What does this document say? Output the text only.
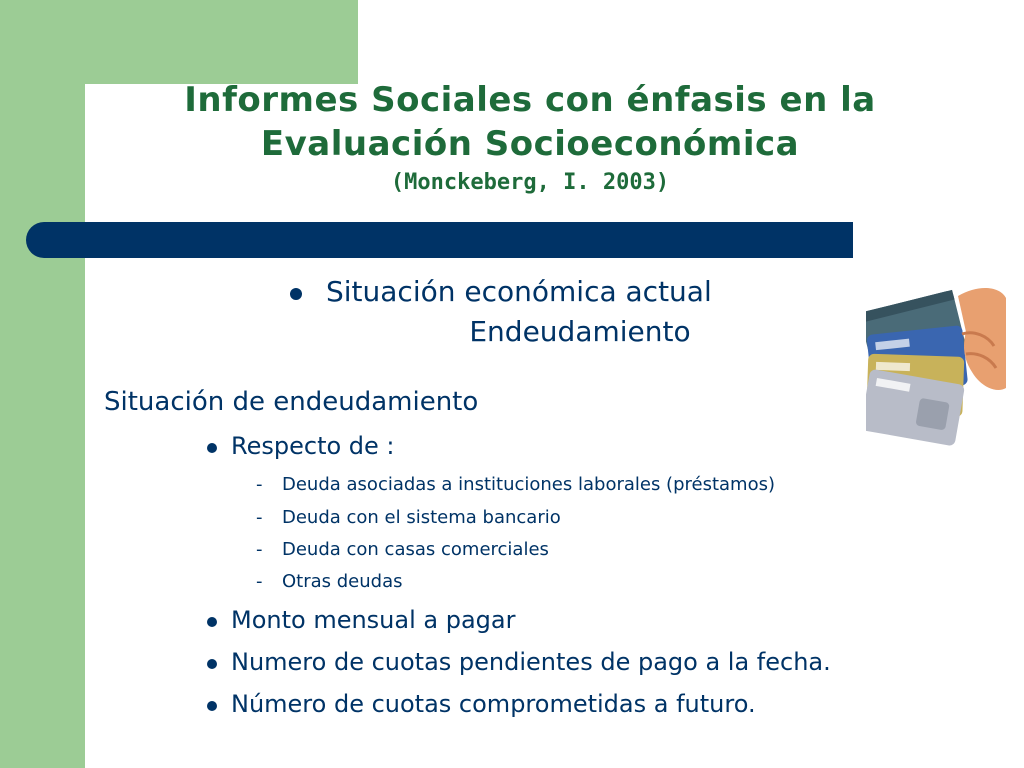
Informes Sociales con énfasis en la
Evaluación Socioeconómica
(Monckeberg, I. 2003)
Situación económica actual
Endeudamiento
Situación de endeudamiento
Respecto de :
- Deuda asociadas a instituciones laborales (préstamos)
- Deuda con el sistema bancario
- Deuda con casas comerciales
- Otras deudas
Monto mensual a pagar
Numero de cuotas pendientes de pago a la fecha.
Número de cuotas comprometidas a futuro.
